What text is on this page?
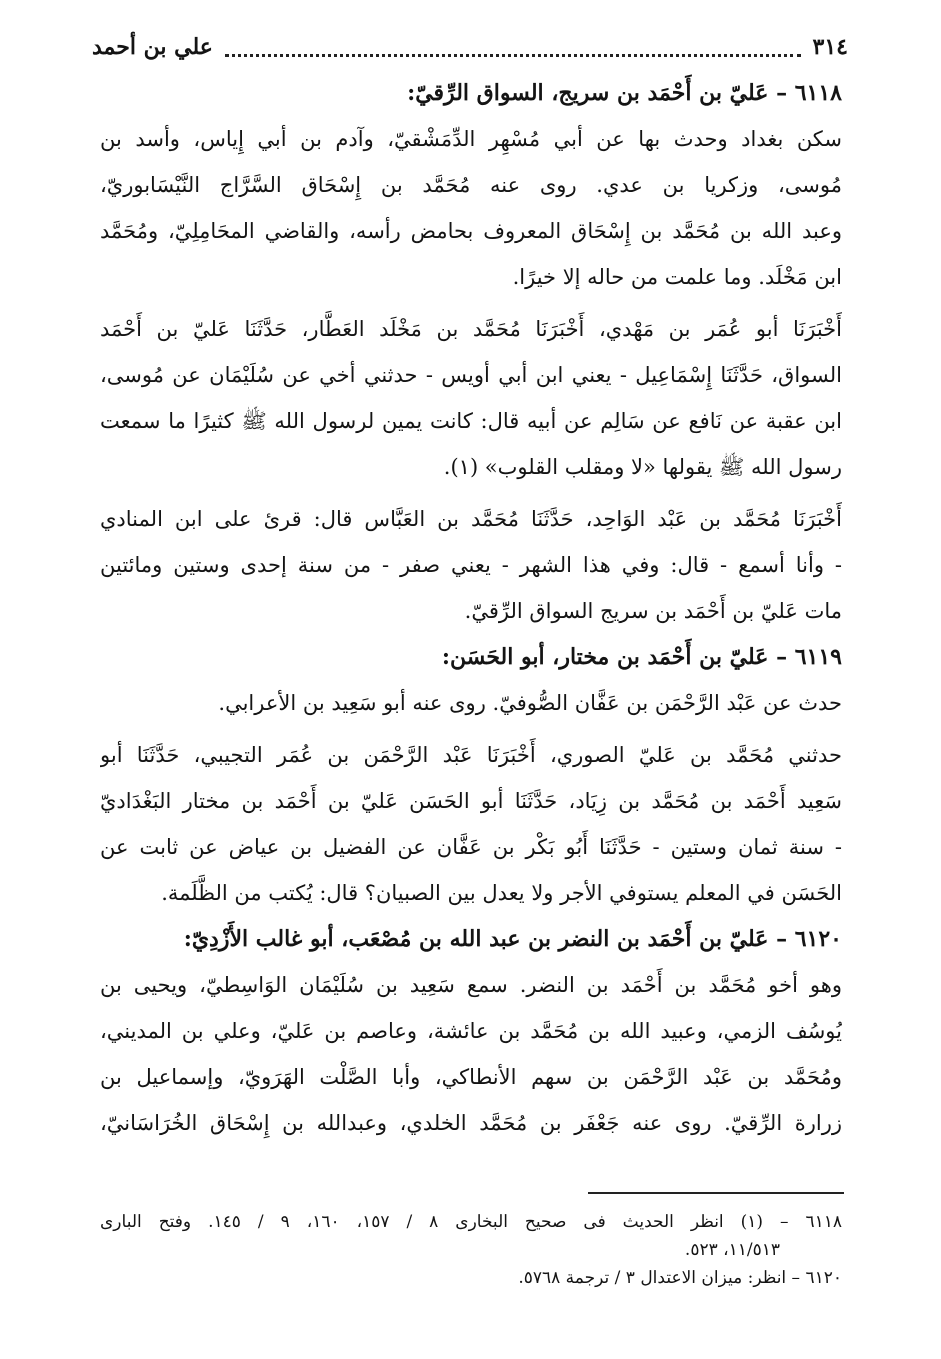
٣١٤
علي بن أحمد
٦١١٨ – عَليّ بن أَحْمَد بن سريج، السواق الرِّقيّ:
سكن بغداد وحدث بها عن أبي مُسْهِر الدِّمَشْقيّ، وآدم بن أبي إِياس، وأسد بن
مُوسى، وزكريا بن عدي. روى عنه مُحَمَّد بن إِسْحَاق السَّرَّاج النَّيْسَابوريّ،
وعبد الله بن مُحَمَّد بن إِسْحَاق المعروف بحامض رأسه، والقاضي المحَامِلِيّ، ومُحَمَّد
ابن مَخْلَد. وما علمت من حاله إلا خيرًا.
أَخْبَرَنَا أبو عُمَر بن مَهْدي، أَخْبَرَنَا مُحَمَّد بن مَخْلَد العَطَّار، حَدَّثَنَا عَليّ بن أَحْمَد
السواق، حَدَّثَنَا إِسْمَاعِيل - يعني ابن أبي أويس - حدثني أخي عن سُلَيْمَان عن مُوسى،
ابن عقبة عن نَافع عن سَالِم عن أبيه قال: كانت يمين لرسول الله ﷺ كثيرًا ما سمعت
رسول الله ﷺ يقولها «لا ومقلب القلوب» (١).
أَخْبَرَنَا مُحَمَّد بن عَبْد الوَاحِد، حَدَّثَنَا مُحَمَّد بن العَبَّاس قال: قرئ على ابن المنادي
- وأنا أسمع - قال: وفي هذا الشهر - يعني صفر - من سنة إحدى وستين ومائتين
مات عَليّ بن أَحْمَد بن سريج السواق الرِّقيّ.
٦١١٩ – عَليّ بن أَحْمَد بن مختار، أبو الحَسَن:
حدث عن عَبْد الرَّحْمَن بن عَفَّان الصُّوفيّ. روى عنه أبو سَعِيد بن الأعرابي.
حدثني مُحَمَّد بن عَليّ الصوري، أَخْبَرَنَا عَبْد الرَّحْمَن بن عُمَر التجيبي، حَدَّثَنَا أبو
سَعِيد أَحْمَد بن مُحَمَّد بن زِيَاد، حَدَّثَنَا أبو الحَسَن عَليّ بن أَحْمَد بن مختار البَغْدَاديّ
- سنة ثمان وستين - حَدَّثَنَا أَبُو بَكْر بن عَفَّان عن الفضيل بن عياض عن ثابت عن
الحَسَن في المعلم يستوفي الأجر ولا يعدل بين الصبيان؟ قال: يُكتب من الظَّلَمة.
٦١٢٠ – عَليّ بن أَحْمَد بن النضر بن عبد الله بن مُصْعَب، أبو غالب الأَزْدِيّ:
وهو أخو مُحَمَّد بن أَحْمَد بن النضر. سمع سَعِيد بن سُلَيْمَان الوَاسِطيّ، ويحيى بن
يُوسُف الزمي، وعبيد الله بن مُحَمَّد بن عائشة، وعاصم بن عَليّ، وعلي بن المديني،
ومُحَمَّد بن عَبْد الرَّحْمَن بن سهم الأنطاكي، وأبا الصَّلْت الهَرَويّ، وإسماعيل بن
زرارة الرِّقيّ. روى عنه جَعْفَر بن مُحَمَّد الخلدي، وعبدالله بن إِسْحَاق الخُرَاسَانيّ،
٦١١٨ – (١) انظر الحديث فى صحيح البخارى ٨ / ١٥٧، ١٦٠، ٩ / ١٤٥. وفتح البارى
١١/٥١٣، ٥٢٣.
٦١٢٠ – انظر: ميزان الاعتدال ٣ / ترجمة ٥٧٦٨.
